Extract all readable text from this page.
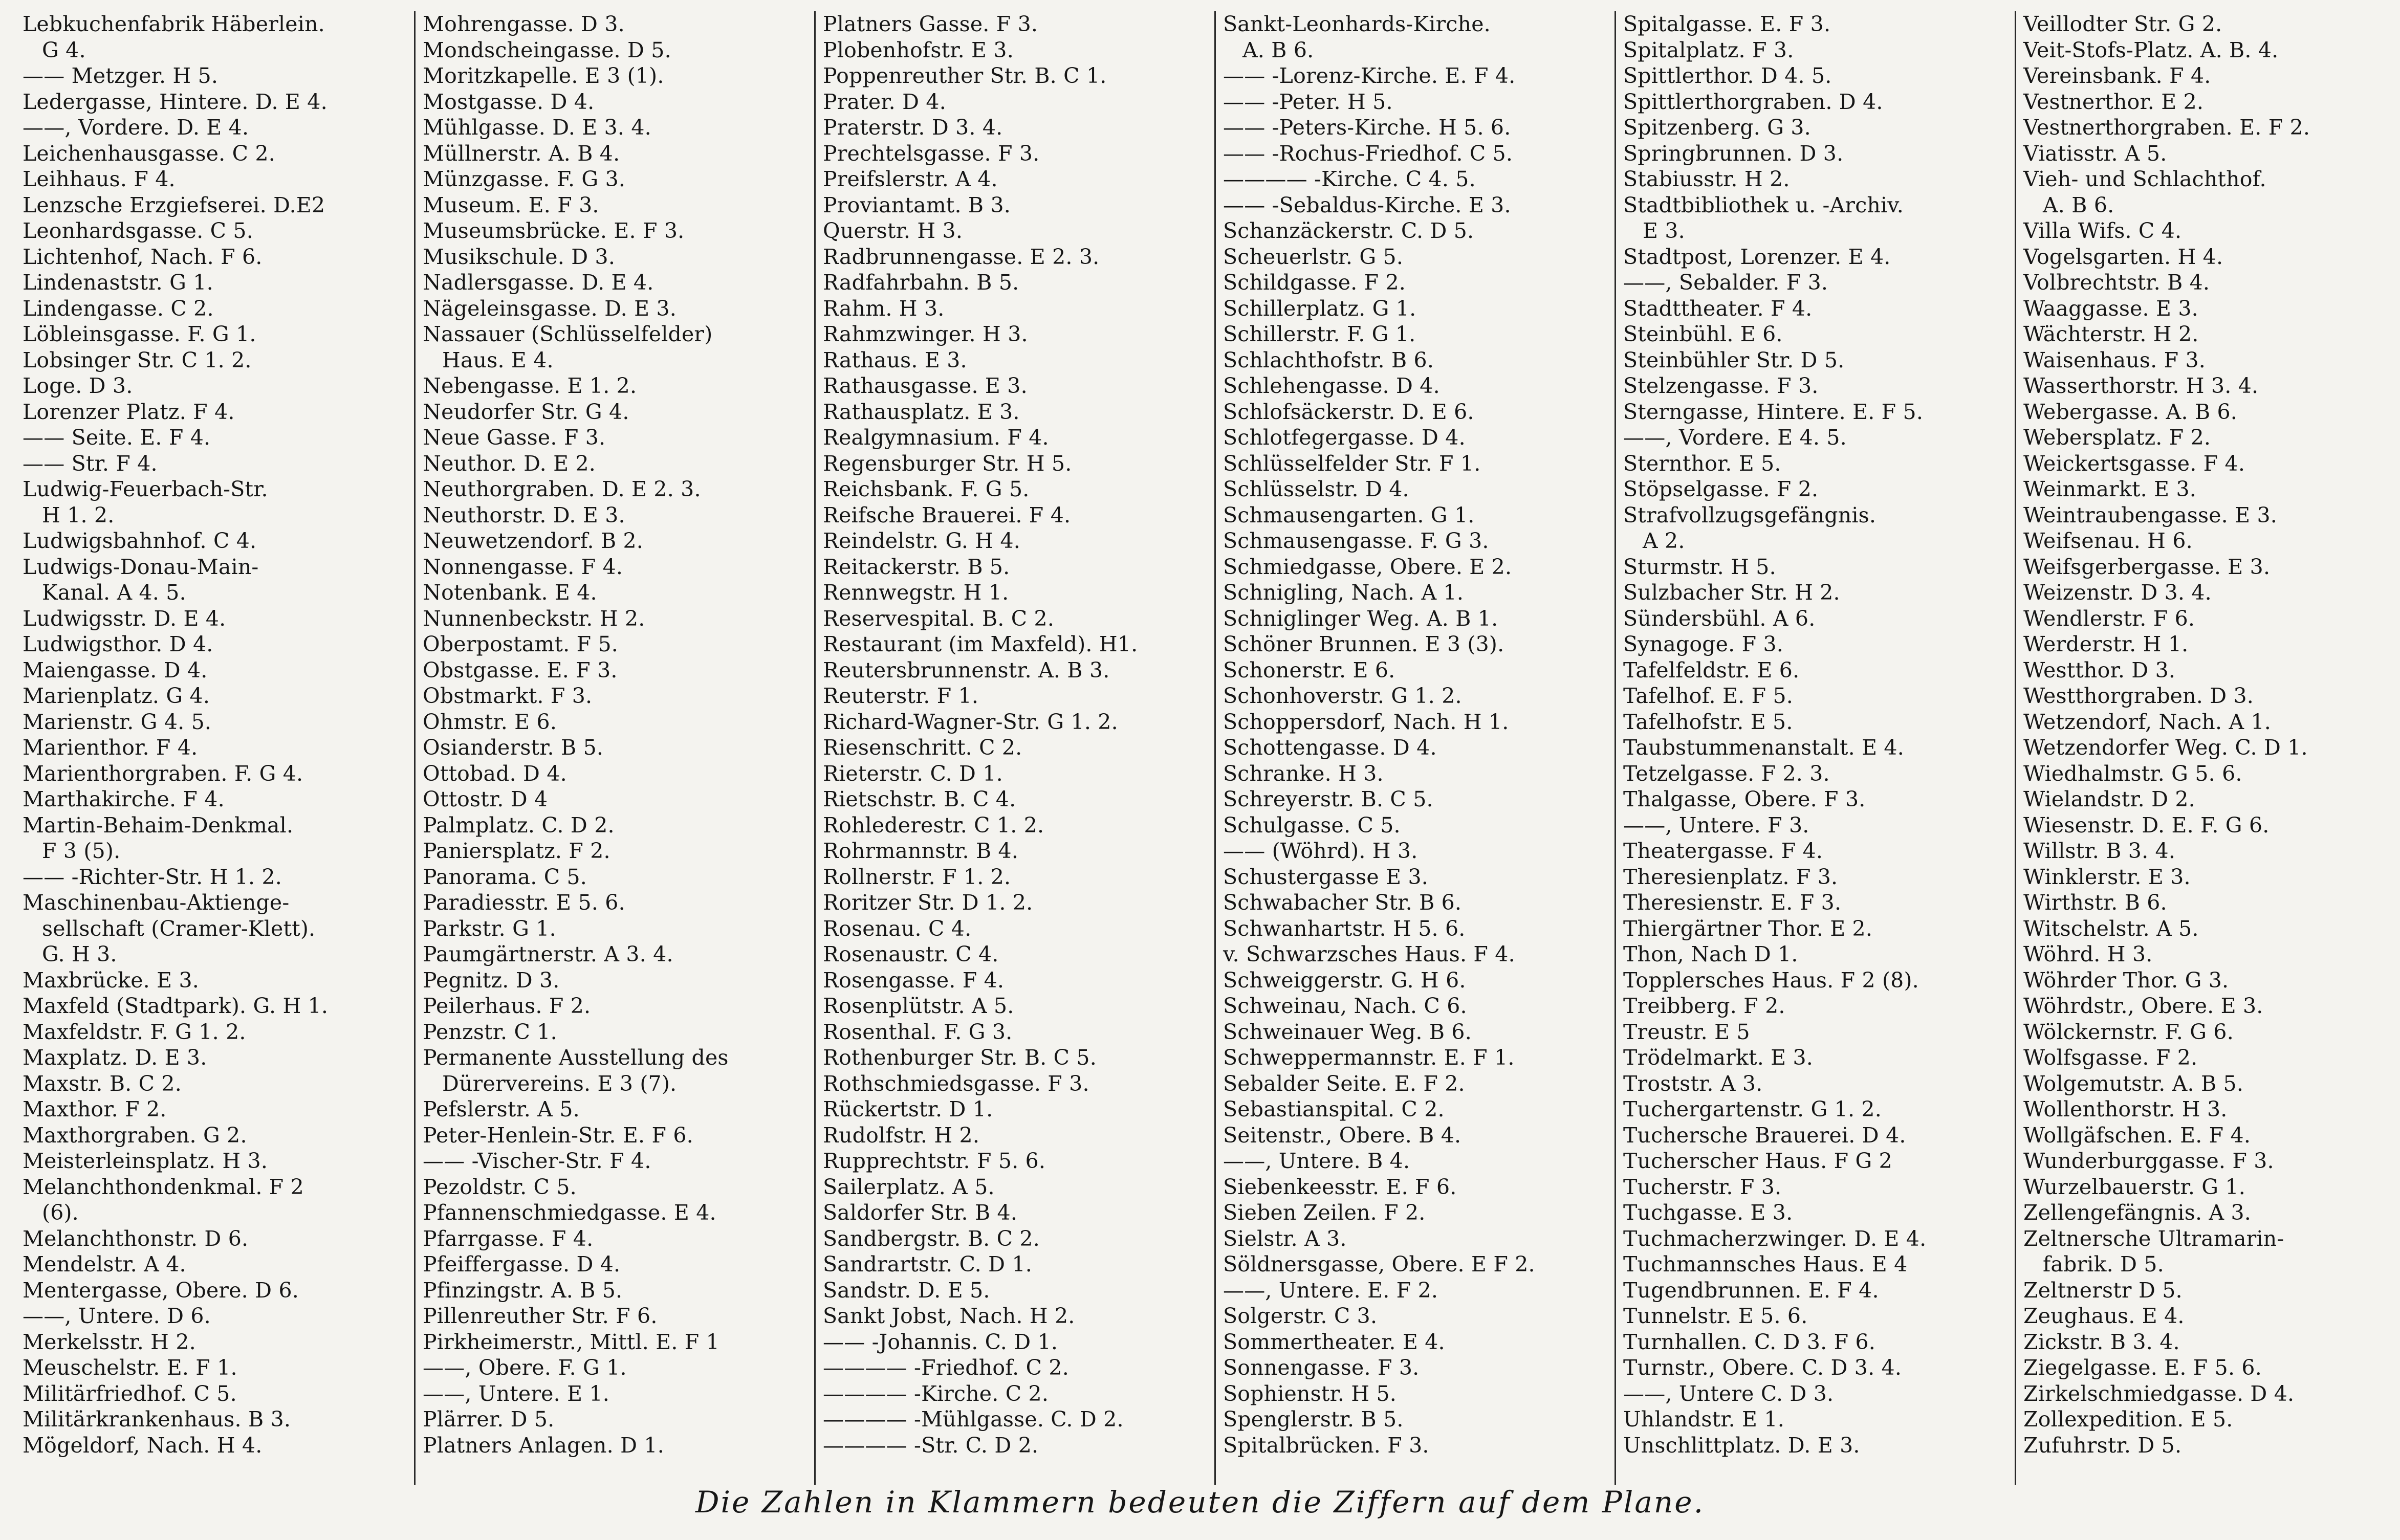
Lebkuchenfabrik Häberlein.
G 4.
—— Metzger. H 5.
Ledergasse, Hintere. D. E 4.
——, Vordere. D. E 4.
Leichenhausgasse. C 2.
Leihhaus. F 4.
Lenzsche Erzgiefserei. D.E2
Leonhardsgasse. C 5.
Lichtenhof, Nach. F 6.
Lindenaststr. G 1.
Lindengasse. C 2.
Löbleinsgasse. F. G 1.
Lobsinger Str. C 1. 2.
Loge. D 3.
Lorenzer Platz. F 4.
—— Seite. E. F 4.
—— Str. F 4.
Ludwig-Feuerbach-Str.
H 1. 2.
Ludwigsbahnhof. C 4.
Ludwigs-Donau-Main-
Kanal. A 4. 5.
Ludwigsstr. D. E 4.
Ludwigsthor. D 4.
Maiengasse. D 4.
Marienplatz. G 4.
Marienstr. G 4. 5.
Marienthor. F 4.
Marienthorgraben. F. G 4.
Marthakirche. F 4.
Martin-Behaim-Denkmal.
F 3 (5).
—— -Richter-Str. H 1. 2.
Maschinenbau-Aktienge-
sellschaft (Cramer-Klett).
G. H 3.
Maxbrücke. E 3.
Maxfeld (Stadtpark). G. H 1.
Maxfeldstr. F. G 1. 2.
Maxplatz. D. E 3.
Maxstr. B. C 2.
Maxthor. F 2.
Maxthorgraben. G 2.
Meisterleinsplatz. H 3.
Melanchthondenkmal. F 2
(6).
Melanchthonstr. D 6.
Mendelstr. A 4.
Mentergasse, Obere. D 6.
——, Untere. D 6.
Merkelsstr. H 2.
Meuschelstr. E. F 1.
Militärfriedhof. C 5.
Militärkrankenhaus. B 3.
Mögeldorf, Nach. H 4.
Mohrengasse. D 3.
Mondscheingasse. D 5.
Moritzkapelle. E 3 (1).
Mostgasse. D 4.
Mühlgasse. D. E 3. 4.
Müllnerstr. A. B 4.
Münzgasse. F. G 3.
Museum. E. F 3.
Museumsbrücke. E. F 3.
Musikschule. D 3.
Nadlersgasse. D. E 4.
Nägeleinsgasse. D. E 3.
Nassauer (Schlüsselfelder)
Haus. E 4.
Nebengasse. E 1. 2.
Neudorfer Str. G 4.
Neue Gasse. F 3.
Neuthor. D. E 2.
Neuthorgraben. D. E 2. 3.
Neuthorstr. D. E 3.
Neuwetzendorf. B 2.
Nonnengasse. F 4.
Notenbank. E 4.
Nunnenbeckstr. H 2.
Oberpostamt. F 5.
Obstgasse. E. F 3.
Obstmarkt. F 3.
Ohmstr. E 6.
Osianderstr. B 5.
Ottobad. D 4.
Ottostr. D 4
Palmplatz. C. D 2.
Paniersplatz. F 2.
Panorama. C 5.
Paradiesstr. E 5. 6.
Parkstr. G 1.
Paumgärtnerstr. A 3. 4.
Pegnitz. D 3.
Peilerhaus. F 2.
Penzstr. C 1.
Permanente Ausstellung des
Dürervereins. E 3 (7).
Pefslerstr. A 5.
Peter-Henlein-Str. E. F 6.
—— -Vischer-Str. F 4.
Pezoldstr. C 5.
Pfannenschmiedgasse. E 4.
Pfarrgasse. F 4.
Pfeiffergasse. D 4.
Pfinzingstr. A. B 5.
Pillenreuther Str. F 6.
Pirkheimerstr., Mittl. E. F 1
——, Obere. F. G 1.
——, Untere. E 1.
Plärrer. D 5.
Platners Anlagen. D 1.
Platners Gasse. F 3.
Plobenhofstr. E 3.
Poppenreuther Str. B. C 1.
Prater. D 4.
Praterstr. D 3. 4.
Prechtelsgasse. F 3.
Preifslerstr. A 4.
Proviantamt. B 3.
Querstr. H 3.
Radbrunnengasse. E 2. 3.
Radfahrbahn. B 5.
Rahm. H 3.
Rahmzwinger. H 3.
Rathaus. E 3.
Rathausgasse. E 3.
Rathausplatz. E 3.
Realgymnasium. F 4.
Regensburger Str. H 5.
Reichsbank. F. G 5.
Reifsche Brauerei. F 4.
Reindelstr. G. H 4.
Reitackerstr. B 5.
Rennwegstr. H 1.
Reservespital. B. C 2.
Restaurant (im Maxfeld). H1.
Reutersbrunnenstr. A. B 3.
Reuterstr. F 1.
Richard-Wagner-Str. G 1. 2.
Riesenschritt. C 2.
Rieterstr. C. D 1.
Rietschstr. B. C 4.
Rohlederestr. C 1. 2.
Rohrmannstr. B 4.
Rollnerstr. F 1. 2.
Roritzer Str. D 1. 2.
Rosenau. C 4.
Rosenaustr. C 4.
Rosengasse. F 4.
Rosenplütstr. A 5.
Rosenthal. F. G 3.
Rothenburger Str. B. C 5.
Rothschmiedsgasse. F 3.
Rückertstr. D 1.
Rudolfstr. H 2.
Rupprechtstr. F 5. 6.
Sailerplatz. A 5.
Saldorfer Str. B 4.
Sandbergstr. B. C 2.
Sandrartstr. C. D 1.
Sandstr. D. E 5.
Sankt Jobst, Nach. H 2.
—— -Johannis. C. D 1.
———— -Friedhof. C 2.
———— -Kirche. C 2.
———— -Mühlgasse. C. D 2.
———— -Str. C. D 2.
Sankt-Leonhards-Kirche.
A. B 6.
—— -Lorenz-Kirche. E. F 4.
—— -Peter. H 5.
—— -Peters-Kirche. H 5. 6.
—— -Rochus-Friedhof. C 5.
———— -Kirche. C 4. 5.
—— -Sebaldus-Kirche. E 3.
Schanzäckerstr. C. D 5.
Scheuerlstr. G 5.
Schildgasse. F 2.
Schillerplatz. G 1.
Schillerstr. F. G 1.
Schlachthofstr. B 6.
Schlehengasse. D 4.
Schlofsäckerstr. D. E 6.
Schlotfegergasse. D 4.
Schlüsselfelder Str. F 1.
Schlüsselstr. D 4.
Schmausengarten. G 1.
Schmausengasse. F. G 3.
Schmiedgasse, Obere. E 2.
Schnigling, Nach. A 1.
Schniglinger Weg. A. B 1.
Schöner Brunnen. E 3 (3).
Schonerstr. E 6.
Schonhoverstr. G 1. 2.
Schoppersdorf, Nach. H 1.
Schottengasse. D 4.
Schranke. H 3.
Schreyerstr. B. C 5.
Schulgasse. C 5.
—— (Wöhrd). H 3.
Schustergasse E 3.
Schwabacher Str. B 6.
Schwanhartstr. H 5. 6.
v. Schwarzsches Haus. F 4.
Schweiggerstr. G. H 6.
Schweinau, Nach. C 6.
Schweinauer Weg. B 6.
Schweppermannstr. E. F 1.
Sebalder Seite. E. F 2.
Sebastianspital. C 2.
Seitenstr., Obere. B 4.
——, Untere. B 4.
Siebenkeesstr. E. F 6.
Sieben Zeilen. F 2.
Sielstr. A 3.
Söldnersgasse, Obere. E F 2.
——, Untere. E. F 2.
Solgerstr. C 3.
Sommertheater. E 4.
Sonnengasse. F 3.
Sophienstr. H 5.
Spenglerstr. B 5.
Spitalbrücken. F 3.
Spitalgasse. E. F 3.
Spitalplatz. F 3.
Spittlerthor. D 4. 5.
Spittlerthorgraben. D 4.
Spitzenberg. G 3.
Springbrunnen. D 3.
Stabiusstr. H 2.
Stadtbibliothek u. -Archiv.
E 3.
Stadtpost, Lorenzer. E 4.
——, Sebalder. F 3.
Stadttheater. F 4.
Steinbühl. E 6.
Steinbühler Str. D 5.
Stelzengasse. F 3.
Sterngasse, Hintere. E. F 5.
——, Vordere. E 4. 5.
Sternthor. E 5.
Stöpselgasse. F 2.
Strafvollzugsgefängnis.
A 2.
Sturmstr. H 5.
Sulzbacher Str. H 2.
Sündersbühl. A 6.
Synagoge. F 3.
Tafelfeldstr. E 6.
Tafelhof. E. F 5.
Tafelhofstr. E 5.
Taubstummenanstalt. E 4.
Tetzelgasse. F 2. 3.
Thalgasse, Obere. F 3.
——, Untere. F 3.
Theatergasse. F 4.
Theresienplatz. F 3.
Theresienstr. E. F 3.
Thiergärtner Thor. E 2.
Thon, Nach D 1.
Topplersches Haus. F 2 (8).
Treibberg. F 2.
Treustr. E 5
Trödelmarkt. E 3.
Troststr. A 3.
Tuchergartenstr. G 1. 2.
Tuchersche Brauerei. D 4.
Tucherscher Haus. F G 2
Tucherstr. F 3.
Tuchgasse. E 3.
Tuchmacherzwinger. D. E 4.
Tuchmannsches Haus. E 4
Tugendbrunnen. E. F 4.
Tunnelstr. E 5. 6.
Turnhallen. C. D 3. F 6.
Turnstr., Obere. C. D 3. 4.
——, Untere C. D 3.
Uhlandstr. E 1.
Unschlittplatz. D. E 3.
Veillodter Str. G 2.
Veit-Stofs-Platz. A. B. 4.
Vereinsbank. F 4.
Vestnerthor. E 2.
Vestnerthorgraben. E. F 2.
Viatisstr. A 5.
Vieh- und Schlachthof.
A. B 6.
Villa Wifs. C 4.
Vogelsgarten. H 4.
Volbrechtstr. B 4.
Waaggasse. E 3.
Wächterstr. H 2.
Waisenhaus. F 3.
Wasserthorstr. H 3. 4.
Webergasse. A. B 6.
Webersplatz. F 2.
Weickertsgasse. F 4.
Weinmarkt. E 3.
Weintraubengasse. E 3.
Weifsenau. H 6.
Weifsgerbergasse. E 3.
Weizenstr. D 3. 4.
Wendlerstr. F 6.
Werderstr. H 1.
Westthor. D 3.
Westthorgraben. D 3.
Wetzendorf, Nach. A 1.
Wetzendorfer Weg. C. D 1.
Wiedhalmstr. G 5. 6.
Wielandstr. D 2.
Wiesenstr. D. E. F. G 6.
Willstr. B 3. 4.
Winklerstr. E 3.
Wirthstr. B 6.
Witschelstr. A 5.
Wöhrd. H 3.
Wöhrder Thor. G 3.
Wöhrdstr., Obere. E 3.
Wölckernstr. F. G 6.
Wolfsgasse. F 2.
Wolgemutstr. A. B 5.
Wollenthorstr. H 3.
Wollgäfschen. E. F 4.
Wunderburggasse. F 3.
Wurzelbauerstr. G 1.
Zellengefängnis. A 3.
Zeltnersche Ultramarin-
fabrik. D 5.
Zeltnerstr D 5.
Zeughaus. E 4.
Zickstr. B 3. 4.
Ziegelgasse. E. F 5. 6.
Zirkelschmiedgasse. D 4.
Zollexpedition. E 5.
Zufuhrstr. D 5.
Die Zahlen in Klammern bedeuten die Ziffern auf dem Plane.
